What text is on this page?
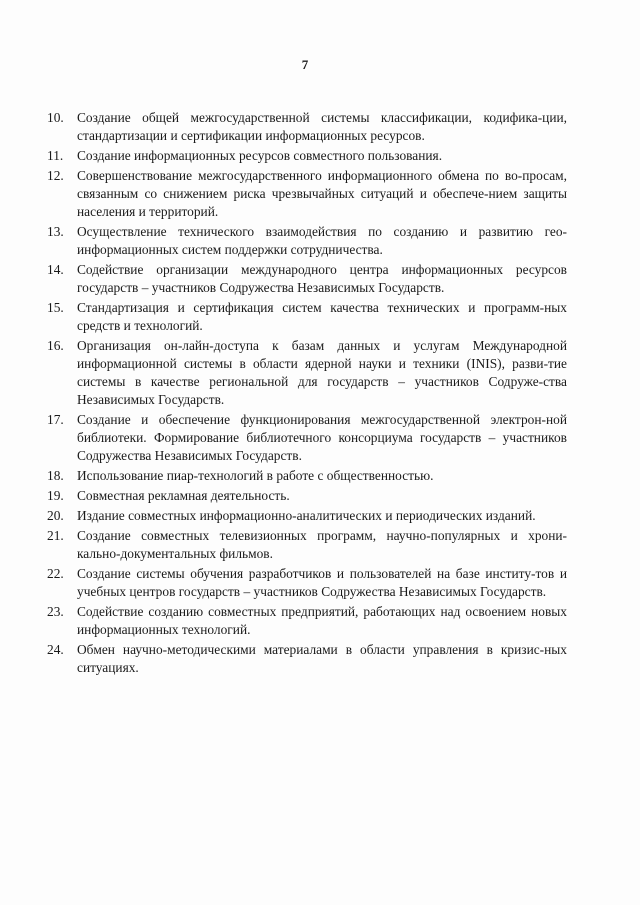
7
10. Создание общей межгосударственной системы классификации, кодифика-ции, стандартизации и сертификации информационных ресурсов.
11.	Создание информационных ресурсов совместного пользования.
12. Совершенствование межгосударственного информационного обмена по во-просам, связанным со снижением риска чрезвычайных ситуаций и обеспече-нием защиты населения и территорий.
13. Осуществление технического взаимодействия по созданию и развитию гео-информационных систем поддержки сотрудничества.
14. Содействие организации международного центра информационных ресурсов государств – участников Содружества Независимых Государств.
15. Стандартизация и сертификация систем качества технических и программ-ных средств и технологий.
16. Организация он-лайн-доступа к базам данных и услугам Международной информационной системы в области ядерной науки и техники (INIS), разви-тие системы в качестве региональной для государств – участников Содруже-ства Независимых Государств.
17. Создание и обеспечение функционирования межгосударственной электрон-ной библиотеки. Формирование библиотечного консорциума государств – участников Содружества Независимых Государств.
18. Использование пиар-технологий в работе с общественностью.
19. Совместная рекламная деятельность.
20. Издание совместных информационно-аналитических и периодических изданий.
21. Создание совместных телевизионных программ, научно-популярных и хрони-кально-документальных фильмов.
22. Создание системы обучения разработчиков и пользователей на базе институ-тов и учебных центров государств – участников Содружества Независимых Государств.
23. Содействие созданию совместных предприятий, работающих над освоением новых информационных технологий.
24. Обмен научно-методическими материалами в области управления в кризис-ных ситуациях.
